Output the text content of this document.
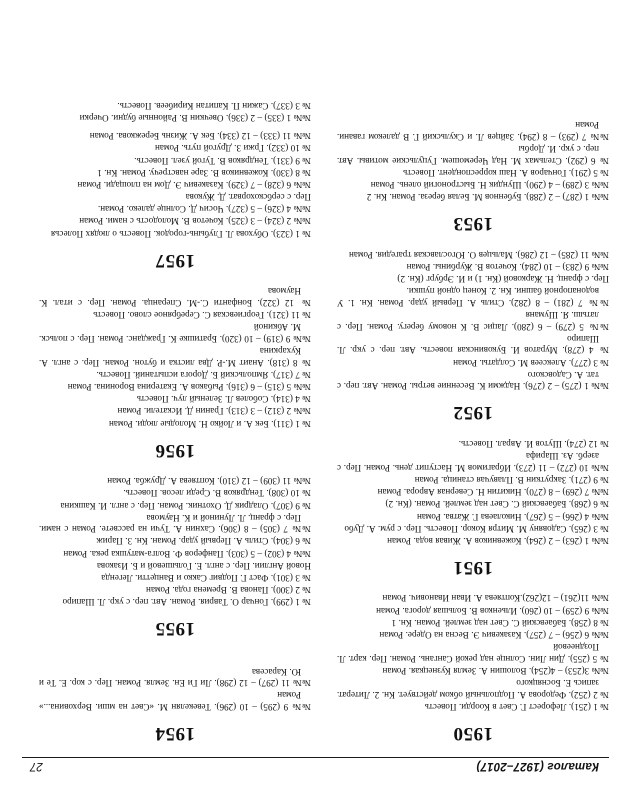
Каталог (1927–2017)
27
1950

№ 1 (251). Лефорест Г. Свет в Коорди. Повесть

№ 2 (252). Федорова А. Подпольный обком действует. Кн. 2. Литерат. запись Е. Босняцкого

№№ 3(253) – 4(254). Волошин А. Земля Кузнецкая. Роман

№ 5 (255). Дин Лин. Солнце над рекой Сангань. Роман. Пер. карт. Л. Позднеевой

№№ 6 (256) – 7 (257). Казакевич Э. Весна на Одере. Роман

№ 8 (258). Бабаевский С. Свет над землей. Роман. Кн. 1

№№ 9 (259) – 10 (260). Ильенков В. Большая дорога. Роман

№№ 11(261) – 12(262).Коптяева А. Иван Иванович. Роман

1951

№№ 1 (263) – 2 (264). Кожевников А. Живая вода. Роман

№ 3 (265). Садовяну М. Митря Кокор. Повесть. Пер. с рум. А. Дубо

№№ 4 (266) – 5 (267). Николаева Г. Жатва. Роман

№ 6 (268). Бабаевский С. Свет над землей. Роман. (Кн. 2)

№№ 7 (269) – 8 (270). Никитин Н. Северная Аврора. Роман

№ 9 (271). Закруткин В. Плавучая станица. Роман

№№ 10 (272) – 11 (273). Ибрагимов М. Наступит день. Роман. Пер. с азерб. Аз. Шарифа

№ 12 (274). Шутов И. Аврал. Повесть.

1952

№№ 1 (275) – 2 (276). Наджми К. Весенние ветры. Роман. Авт. пер. с тат. А. Садовского

№ 3 (277). Алексеев М. Солдаты. Роман

№ 4 (278). Муратов И. Буковинская повесть. Авт. пер. с укр. Л. Шапиро

№№ 5 (279) – 6 (280). Лацис В. К новому берегу. Роман. Пер. с латыш. Я. Шуманя

№№ 7 (281) – 8 (282). Стиль А. Первый удар. Роман. Кн. 1. У водонапорной башни. Кн. 2. Конец одной пушки.

Пер. с франц. Н. Жарковой (Кн. 1) и И. Эрбург (Кн. 2)

№№ 9 (283) – 10 (284). Кочетов В. Журбины. Роман

№№ 11 (285) – 12 (286). Мальцев О. Югославская трагедия. Роман

1953

№№ 1 (287) – 2 (288). Бубеннов М. Белая береза. Роман. Кн. 2

№№ 3 (289) – 4 (290). Шундик Н. Быстроногий олень. Роман

№ 5 (291). Гончаров А. Наш корреспондент. Повесть

№ 6 (292). Стельмах М. Над Черемошем. Гуцульские мотивы. Авт. пер. с укр. И. Дорбы

№№ 7 (293) – 8 (294). Зайцев Л. и Скульский Г. В далеком гавани. Роман

1954

№№ 9 (295) – 10 (296). Тевекелян М. «Свет на мши. Верховина...» Роман

№№ 11 (297) – 12 (298). Ли Ги Ен. Земля. Роман. Пер. с кор. Е. Те и Ю. Карасева

1955

№ 1 (299). Гончар О. Таврия. Роман. Авт. пер. с укр. Л. Шапиро

№ 2 (300). Панова В. Времена года. Роман

№ 3 (301). Фаст Г. Подвиг Сакко и Ванцетти. Легенда

Новой Англии. Пер. с англ. Е. Голышевой и Б. Изакова

№№ 4 (302) – 5 (303). Панферов Ф. Волга-матушка река. Роман

№ 6 (304). Стиль А. Первый удар. Роман. Кн. 3. Париж

№№ 7 (305) – 8 (306). Сахнин А. Тучи на рассвете. Роман с нами. Пер. с франц. Л. Луниной и К. Наумова

№ 9 (307). Оладрик Д. Охотник. Роман. Пер. с англ. И. Кашкина

№ 10 (308). Тендряков В. Среди лесов. Повесть.

№№ 11 (309) – 12 (310). Коптяева А. Дружба. Роман

1956

№ 1 (311). Бек А. и Лойко Н. Молодые люди. Роман

№№ 2 (312) – 3 (313). Гранин Д. Искатели. Роман

№ 4 (314). Соболев Л. Зеленый луч. Повесть

№№ 5 (315) – 6 (316). Рыбаков А. Екатерина Воронина. Роман

№ 7 (317). Ямпольский Б. Дорога испытаний. Повесть.

№ 8 (318). Анаит М.-Р. Два листка и бутон. Роман. Пер. с англ. А. Кухаркина

№№ 9 (319) – 10 (320). Братишке К. Гражданс. Роман. Пер. с польск. М. Абкиной

№ 11 (321). Георгиевская С. Серебряное слово. Повесть

№ 12 (322). Бонфанти С.-М. Сперанца. Роман. Пер. с итал. К. Наумова

1957

№ 1 (323). Обухова Л. Глубынь-городок. Повесть о людях Полесья

№№ 2 (324) – 3 (325). Кочетов В. Молодость с нами. Роман

№№ 4 (326) – 5 (327). Чосич Д. Солнце далеко. Роман.

Пер. с сербскохорват. Д. Жукова

№№ 6 (328) – 7 (329). Казакевич Э. Дом на площади. Роман

№ 8 (330). Кожевников В. Заре навстречу. Роман. Кн. 1

№ 9 (331). Тендряков В. Тугой узел. Повесть.

№ 10 (332). Гржи З. Другой путь. Роман

№№ 11 (333) – 12 (334). Бек А. Жизнь Бережкова. Роман

№№ 1 (335) – 2 (336). Овечкин В. Районные будни. Очерки

№ 3 (337). Сажин П. Капитан Кирибеев. Повесть.
